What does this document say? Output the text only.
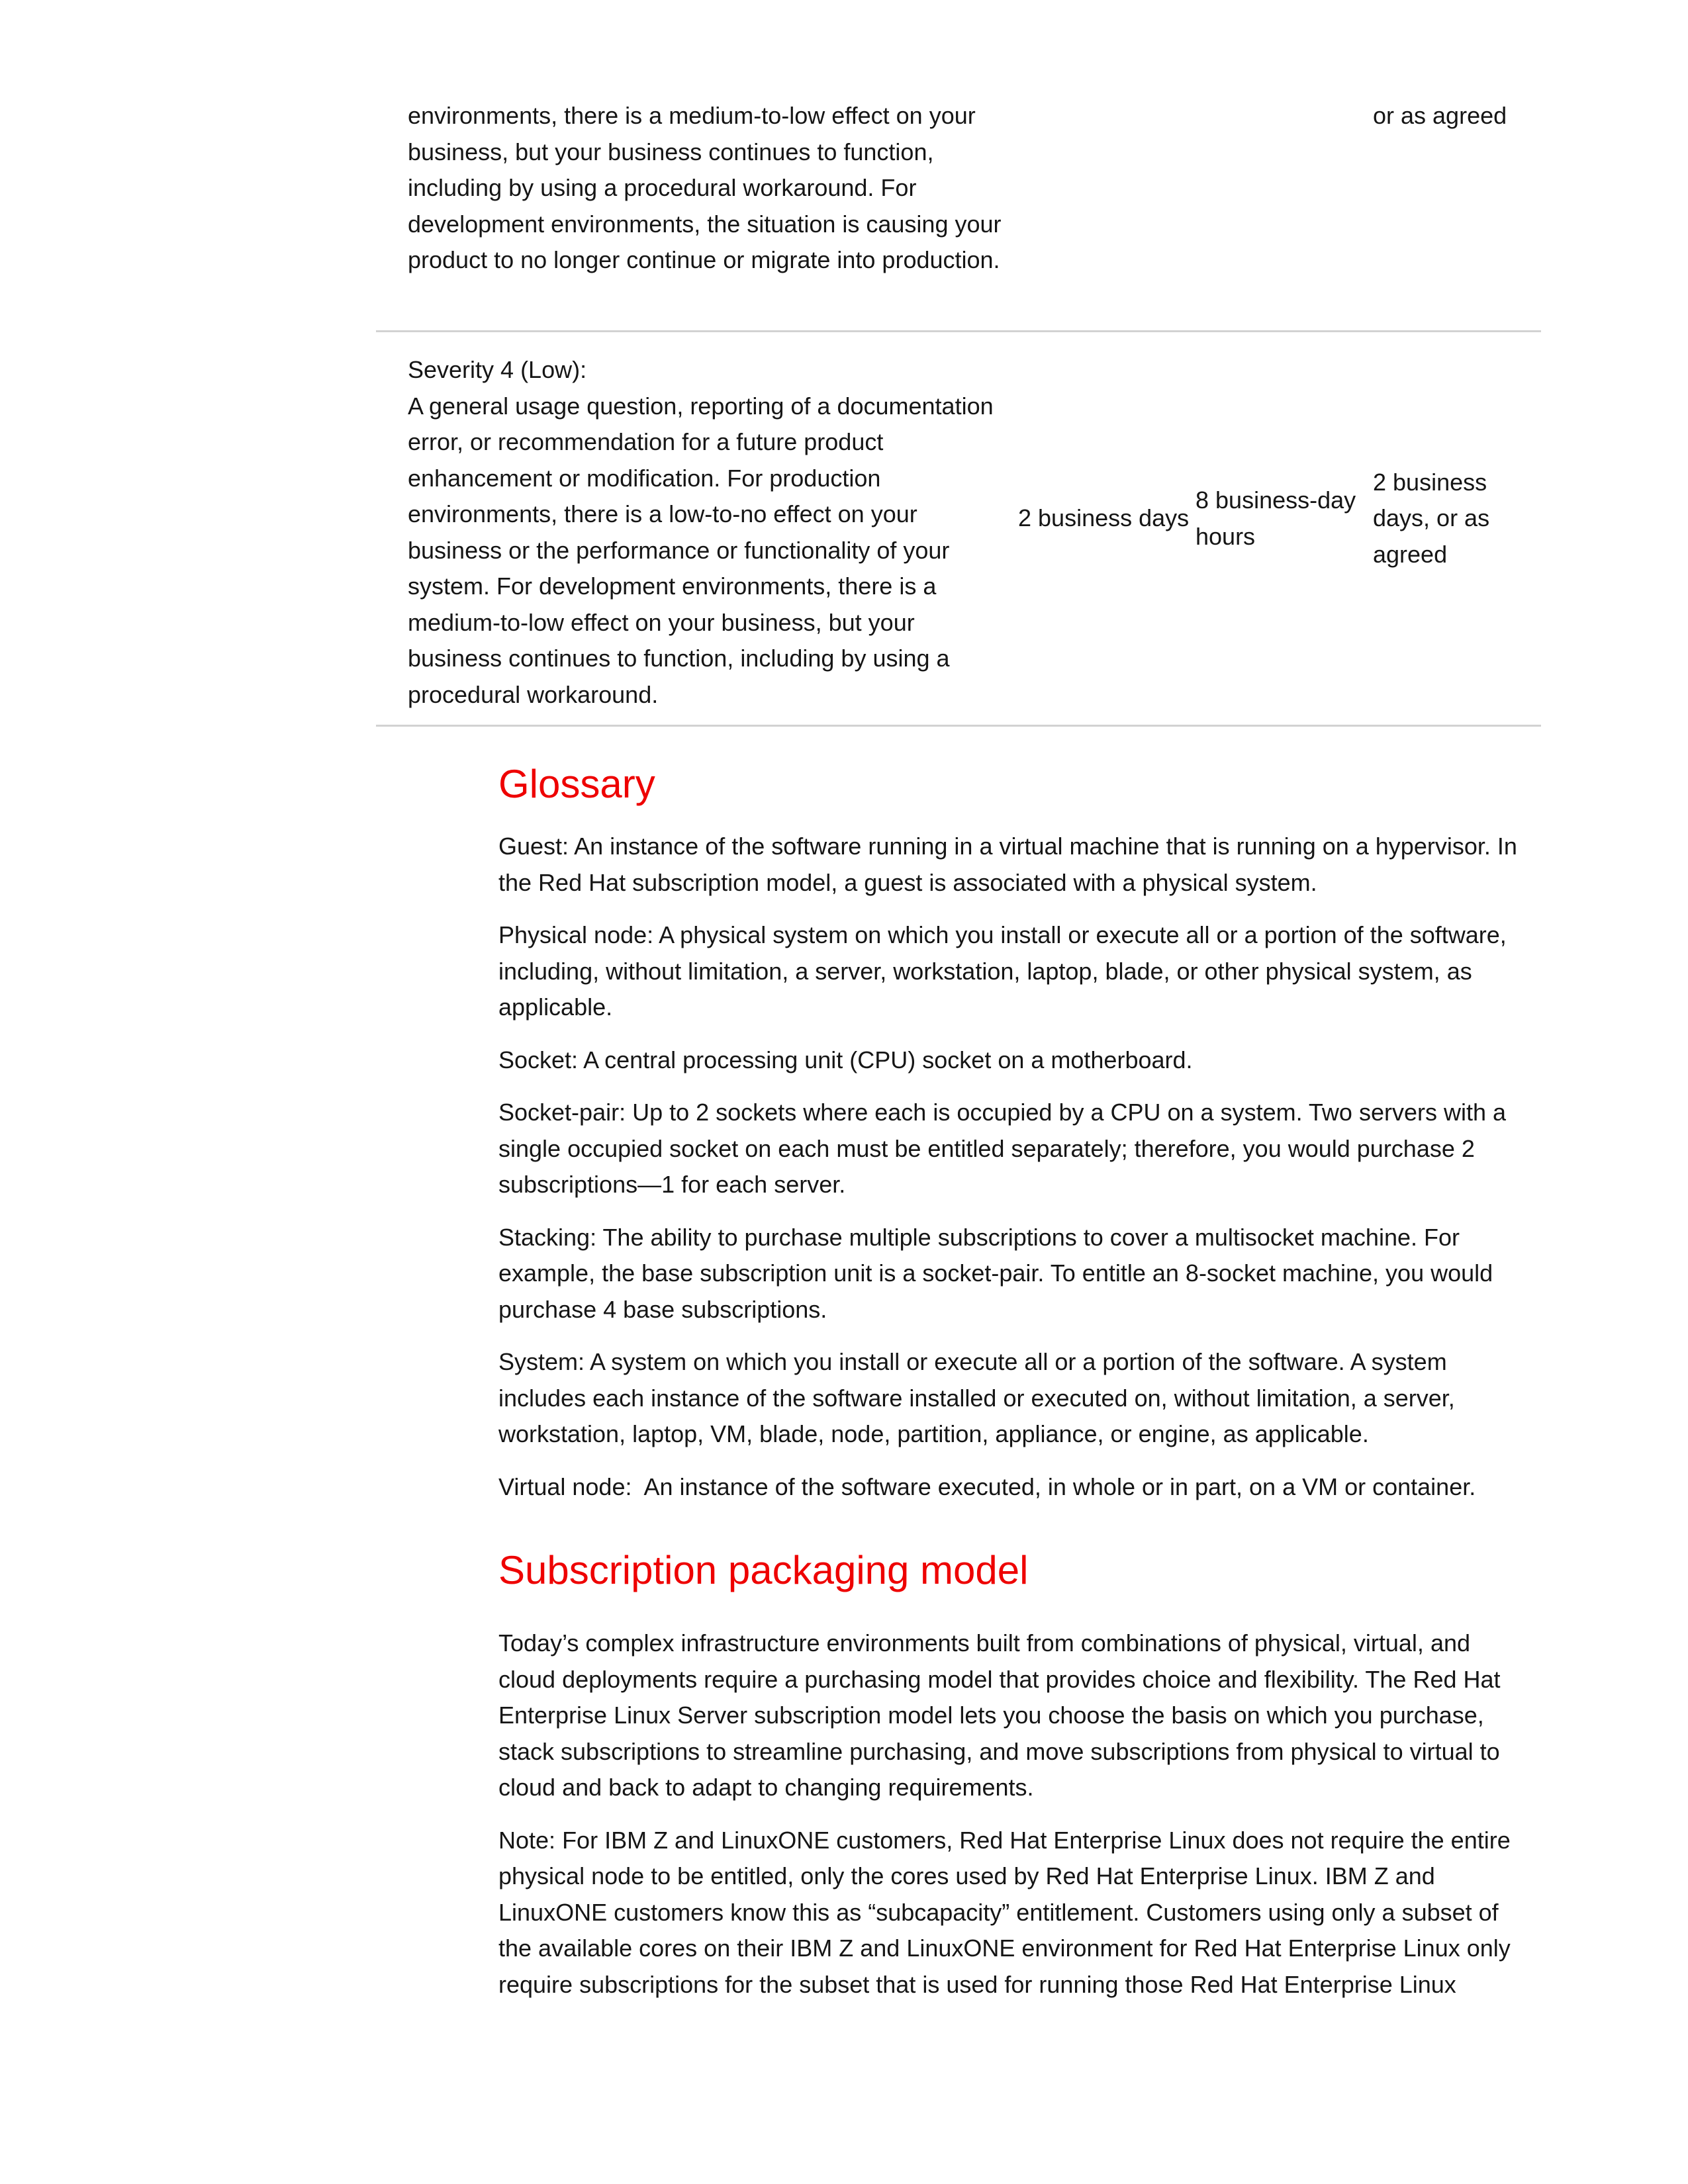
environments, there is a medium-to-low effect on your business, but your business continues to function, including by using a procedural workaround. For development environments, the situation is causing your product to no longer continue or migrate into production.
or as agreed
Severity 4 (Low):
A general usage question, reporting of a documentation error, or recommendation for a future product enhancement or modification. For production environments, there is a low-to-no effect on your business or the performance or functionality of your system. For development environments, there is a medium-to-low effect on your business, but your business continues to function, including by using a procedural workaround.
2 business days
8 business-day hours
2 business days, or as agreed
Glossary

Guest: An instance of the software running in a virtual machine that is running on a hypervisor. In the Red Hat subscription model, a guest is associated with a physical system.

Physical node: A physical system on which you install or execute all or a portion of the software, including, without limitation, a server, workstation, laptop, blade, or other physical system, as applicable.

Socket: A central processing unit (CPU) socket on a motherboard.

Socket-pair: Up to 2 sockets where each is occupied by a CPU on a system. Two servers with a single occupied socket on each must be entitled separately; therefore, you would purchase 2 subscriptions—1 for each server.

Stacking: The ability to purchase multiple subscriptions to cover a multisocket machine. For example, the base subscription unit is a socket-pair. To entitle an 8-socket machine, you would purchase 4 base subscriptions.

System: A system on which you install or execute all or a portion of the software. A system includes each instance of the software installed or executed on, without limitation, a server, workstation, laptop, VM, blade, node, partition, appliance, or engine, as applicable.

Virtual node: An instance of the software executed, in whole or in part, on a VM or container.

Subscription packaging model

Today’s complex infrastructure environments built from combinations of physical, virtual, and cloud deployments require a purchasing model that provides choice and flexibility. The Red Hat Enterprise Linux Server subscription model lets you choose the basis on which you purchase, stack subscriptions to streamline purchasing, and move subscriptions from physical to virtual to cloud and back to adapt to changing requirements.

Note: For IBM Z and LinuxONE customers, Red Hat Enterprise Linux does not require the entire physical node to be entitled, only the cores used by Red Hat Enterprise Linux. IBM Z and LinuxONE customers know this as “subcapacity” entitlement. Customers using only a subset of the available cores on their IBM Z and LinuxONE environment for Red Hat Enterprise Linux only require subscriptions for the subset that is used for running those Red Hat Enterprise Linux
